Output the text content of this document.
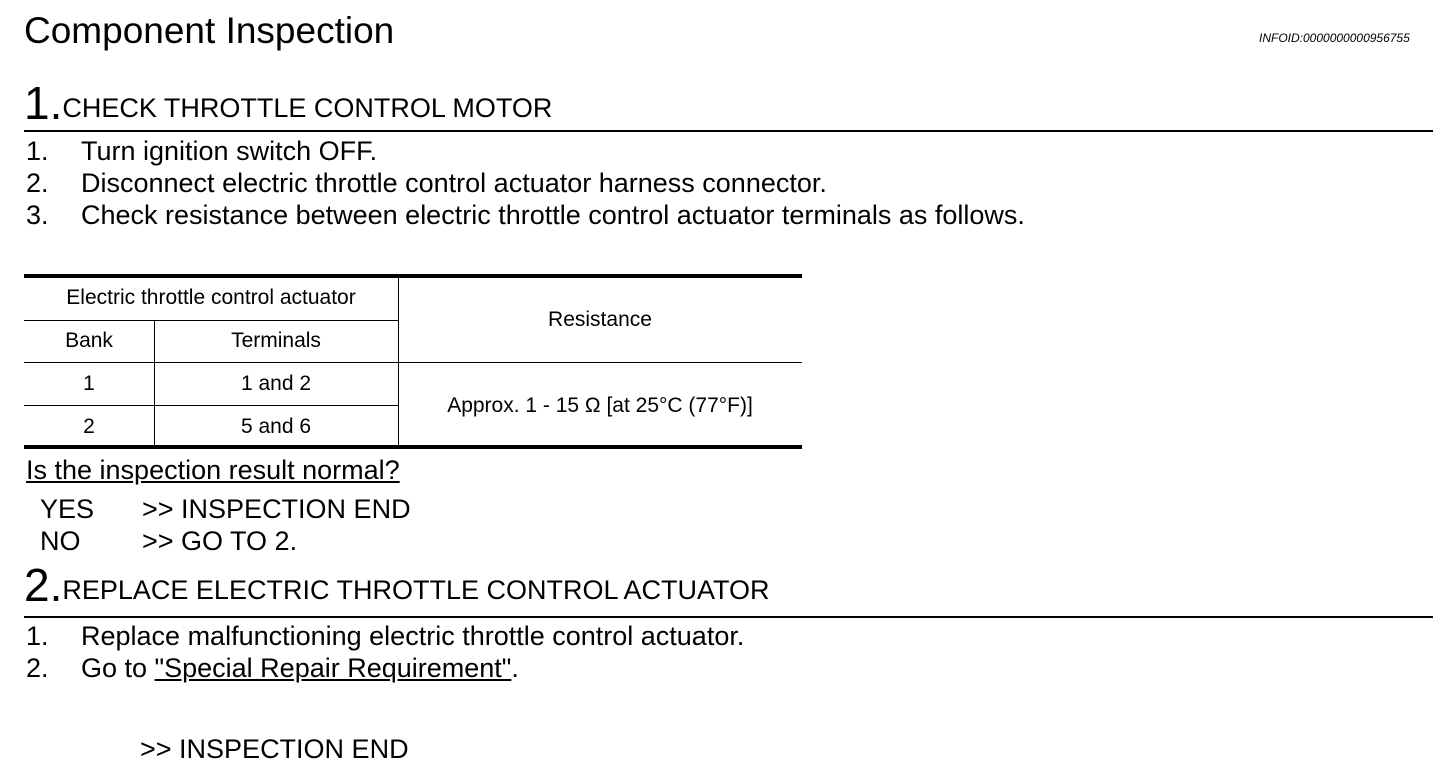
Component Inspection	INFOID:0000000000956755
1.CHECK THROTTLE CONTROL MOTOR
1. Turn ignition switch OFF.
2. Disconnect electric throttle control actuator harness connector.
3. Check resistance between electric throttle control actuator terminals as follows.
Electric throttle control actuator
Bank	Terminals
Resistance
1	1 and 2
2	5 and 6
Approx. 1 - 15 Ω [at 25°C (77°F)]
Is the inspection result normal?
YES >> INSPECTION END
NO >> GO TO 2.
2.REPLACE ELECTRIC THROTTLE CONTROL ACTUATOR
1. Replace malfunctioning electric throttle control actuator.
2. Go to "Special Repair Requirement".
>> INSPECTION END
